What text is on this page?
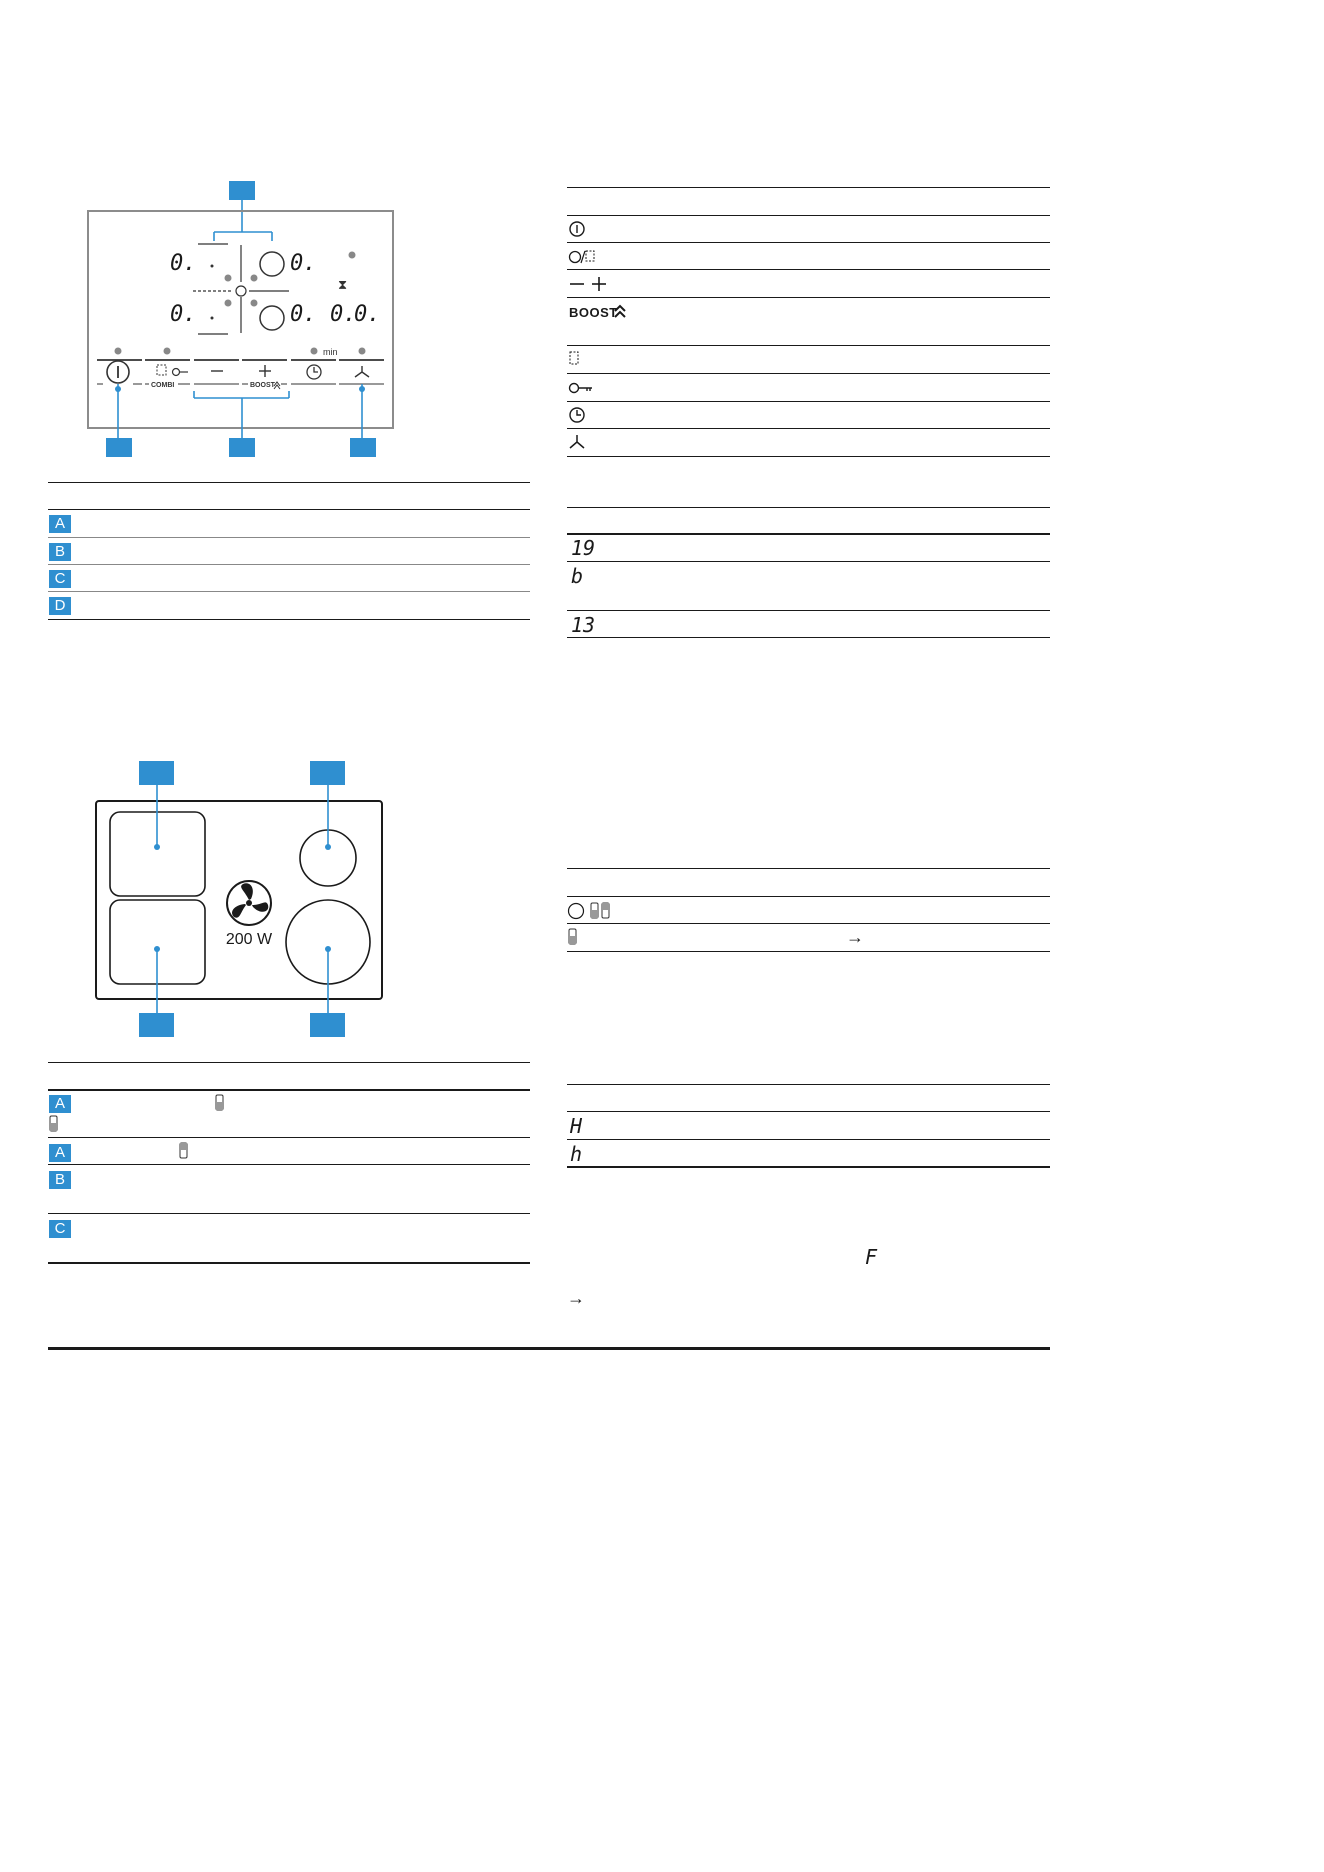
⧗
min
COMBI	BOOST
0.	0.
0.	0. 0.
0.
A
B
C
D
200 W
A
A
B
C
BOOST
19
b
13
→
H
h
F
→
